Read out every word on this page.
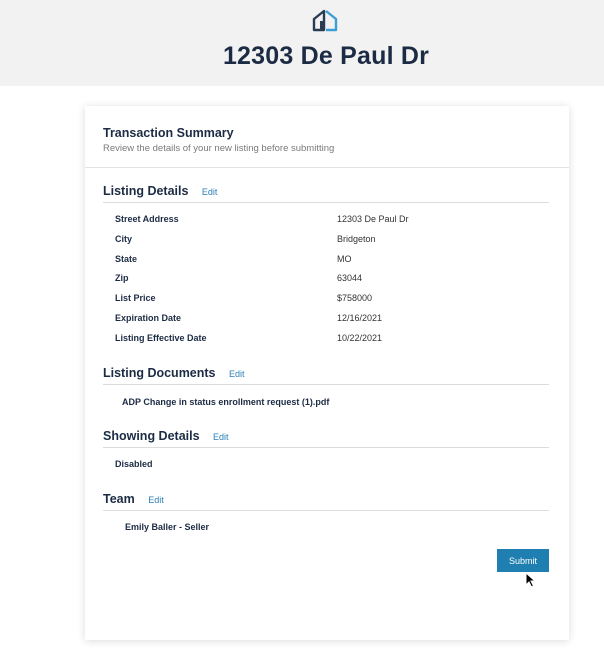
12303 De Paul Dr
Transaction Summary
Review the details of your new listing before submitting
Listing Details Edit
Street Address	12303 De Paul Dr
City	Bridgeton
State	MO
Zip	63044
List Price	$758000
Expiration Date	12/16/2021
Listing Effective Date	10/22/2021
Listing Documents Edit
ADP Change in status enrollment request (1).pdf
Showing Details Edit
Disabled
Team Edit
Emily Baller - Seller
Submit
